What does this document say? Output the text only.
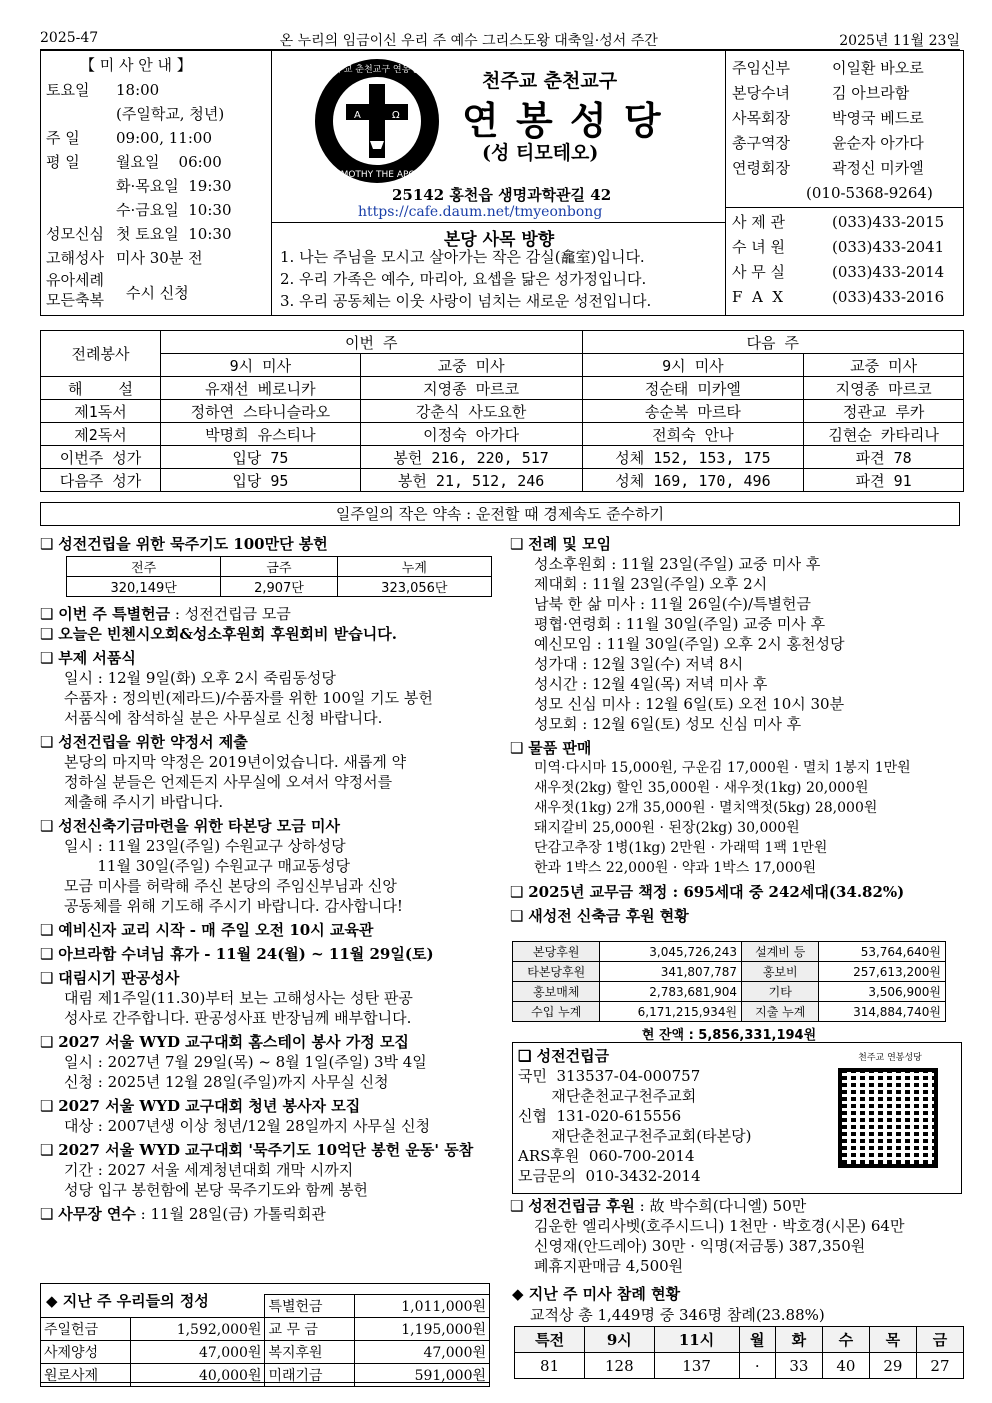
2025-47	온 누리의 임금이신 우리 주 예수 그리스도왕 대축일·성서 주간	2025년 11월 23일
【 미 사 안 내 】
토요일 18:00
(주일학교, 청년)
주 일 09:00, 11:00
평 일 월요일    06:00
화·목요일  19:30
수·금요일  10:30
성모신심 첫 토요일  10:30
고해성사 미사 30분 전
유아세례
모든축복 수시 신청
A	Ω
천주교 춘천교구 연봉성당
ST. TIMOTHY THE APOSTLE
천주교 춘천교구
연 봉 성 당
(성 티모테오)
25142 홍천읍 생명과학관길 42
https://cafe.daum.net/tmyeonbong
본당 사목 방향
1. 나는 주님을 모시고 살아가는 작은 감실(龕室)입니다.
2. 우리 가족은 예수, 마리아, 요셉을 닮은 성가정입니다.
3. 우리 공동체는 이웃 사랑이 넘치는 새로운 성전입니다.
주임신부	이일환 바오로
본당수녀	김 아브라함
사목회장	박영국 베드로
총구역장	윤순자 아가다
연령회장	곽정신 미카엘
(010-5368-9264)
사 제 관	(033)433-2015
수 녀 원	(033)433-2041
사 무 실	(033)433-2014
F  A  X	(033)433-2016
전례봉사	이번 주		다음 주	
	9시 미사	교중 미사	9시 미사	교중 미사
해    설	유재선 베로니카	지영종 마르코	정순태 미카엘	지영종 마르코
제1독서	정하연 스타니슬라오	강춘식 사도요한	송순복 마르타	정관교 루카
제2독서	박명희 유스티나	이정숙 아가다	전희숙 안나	김현순 카타리나
이번주 성가	입당 75	봉헌 216, 220, 517	성체 152, 153, 175	파견 78
다음주 성가	입당 95	봉헌 21, 512, 246	성체 169, 170, 496	파견 91
일주일의 작은 약속 : 운전할 때 경제속도 준수하기
❑ 성전건립을 위한 묵주기도 100만단 봉헌
전주	금주	누계
320,149단	2,907단	323,056단
❑ 이번 주 특별헌금 : 성전건립금 모금
❑ 오늘은 빈첸시오회&성소후원회 후원회비 받습니다.
❑ 부제 서품식
일시 : 12월 9일(화) 오후 2시 죽림동성당
수품자 : 정의빈(제라드)/수품자를 위한 100일 기도 봉헌
서품식에 참석하실 분은 사무실로 신청 바랍니다.
❑ 성전건립을 위한 약정서 제출
본당의 마지막 약정은 2019년이었습니다. 새롭게 약
정하실 분들은 언제든지 사무실에 오셔서 약정서를
제출해 주시기 바랍니다.
❑ 성전신축기금마련을 위한 타본당 모금 미사
일시 : 11월 23일(주일) 수원교구 상하성당
11월 30일(주일) 수원교구 매교동성당
모금 미사를 허락해 주신 본당의 주임신부님과 신앙
공동체를 위해 기도해 주시기 바랍니다. 감사합니다!
❑ 예비신자 교리 시작 - 매 주일 오전 10시 교육관
❑ 아브라함 수녀님 휴가 - 11월 24(월) ~ 11월 29일(토)
❑ 대림시기 판공성사
대림 제1주일(11.30)부터 보는 고해성사는 성탄 판공
성사로 간주합니다. 판공성사표 반장님께 배부합니다.
❑ 2027 서울 WYD 교구대회 홈스테이 봉사 가정 모집
일시 : 2027년 7월 29일(목) ~ 8월 1일(주일) 3박 4일
신청 : 2025년 12월 28일(주일)까지 사무실 신청
❑ 2027 서울 WYD 교구대회 청년 봉사자 모집
대상 : 2007년생 이상 청년/12월 28일까지 사무실 신청
❑ 2027 서울 WYD 교구대회 '묵주기도 10억단 봉헌 운동' 동참
기간 : 2027 서울 세계청년대회 개막 시까지
성당 입구 봉헌함에 본당 묵주기도와 함께 봉헌
❑ 사무장 연수 : 11월 28일(금) 가톨릭회관
◆ 지난 주 우리들의 정성
			특별헌금	1,011,000원
주일헌금	1,592,000원	교 무 금	1,195,000원
사제양성	47,000원	복지후원	47,000원
원로사제	40,000원	미래기금	591,000원
❑ 전례 및 모임
성소후원회 : 11월 23일(주일) 교중 미사 후
제대회 : 11월 23일(주일) 오후 2시
남북 한 삶 미사 : 11월 26일(수)/특별헌금
평협·연령회 : 11월 30일(주일) 교중 미사 후
예신모임 : 11월 30일(주일) 오후 2시 홍천성당
성가대 : 12월 3일(수) 저녁 8시
성시간 : 12월 4일(목) 저녁 미사 후
성모 신심 미사 : 12월 6일(토) 오전 10시 30분
성모회 : 12월 6일(토) 성모 신심 미사 후
❑ 물품 판매
미역·다시마 15,000원, 구운김 17,000원 · 멸치 1봉지 1만원
새우젓(2kg) 할인 35,000원 · 새우젓(1kg) 20,000원
새우젓(1kg) 2개 35,000원 · 멸치액젓(5kg) 28,000원
돼지갈비 25,000원 · 된장(2kg) 30,000원
단감고추장 1병(1kg) 2만원 · 가래떡 1팩 1만원
한과 1박스 22,000원 · 약과 1박스 17,000원
❑ 2025년 교무금 책정 : 695세대 중 242세대(34.82%)
❑ 새성전 신축금 후원 현황
본당후원	3,045,726,243	설계비 등	53,764,640원
타본당후원	341,807,787	홍보비	257,613,200원
홍보매체	2,783,681,904	기타	3,506,900원
수입 누계	6,171,215,934원	지출 누계	314,884,740원
현 잔액 : 5,856,331,194원
❑ 성전건립금
국민  313537-04-000757
재단춘천교구천주교회
신협  131-020-615556
재단춘천교구천주교회(타본당)
ARS후원  060-700-2014
모금문의  010-3432-2014
천주교 연봉성당
❑ 성전건립금 후원 : 故 박수희(다니엘) 50만
김운한 엘리사벳(호주시드니) 1천만 · 박호경(시몬) 64만
신영재(안드레아) 30만 · 익명(저금통) 387,350원
폐휴지판매금 4,500원
◆ 지난 주 미사 참례 현황
교적상 총 1,449명 중 346명 참례(23.88%)
특전	9시	11시	월	화	수	목	금
81	128	137	·	33	40	29	27
